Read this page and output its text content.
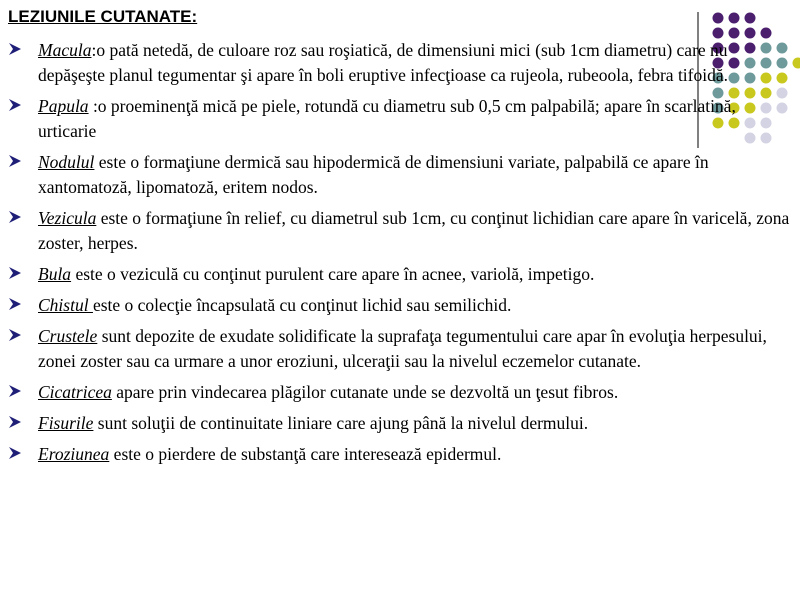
LEZIUNILE CUTANATE:
Macula:o pată netedă, de culoare roz sau roşiatică, de dimensiuni mici (sub 1cm diametru) care nu depăşeşte planul tegumentar şi apare în boli eruptive infecţioase ca rujeola, rubeoola, febra tifoidă.
Papula :o proeminenţă mică pe piele, rotundă cu diametru sub 0,5 cm palpabilă; apare în scarlatină, urticarie
Nodulul este o formaţiune dermică sau hipodermică de dimensiuni variate, palpabilă ce apare în xantomatoză, lipomatoză, eritem nodos.
Vezicula este o formaţiune în relief, cu diametrul sub 1cm, cu conţinut lichidian care apare în varicelă, zona zoster, herpes.
Bula este o veziculă cu conţinut purulent care apare în acnee, variolă, impetigo.
Chistul este o colecţie încapsulată cu conţinut lichid sau semilichid.
Crustele sunt depozite de exudate solidificate la suprafaţa tegumentului care apar în evoluţia herpesului, zonei zoster sau ca urmare a unor eroziuni, ulceraţii sau la nivelul eczemelor cutanate.
Cicatricea apare prin vindecarea plăgilor cutanate unde se dezvoltă un ţesut fibros.
Fisurile sunt soluţii de continuitate liniare care ajung până la nivelul dermului.
Eroziunea este o pierdere de substanţă care interesează epidermul.
